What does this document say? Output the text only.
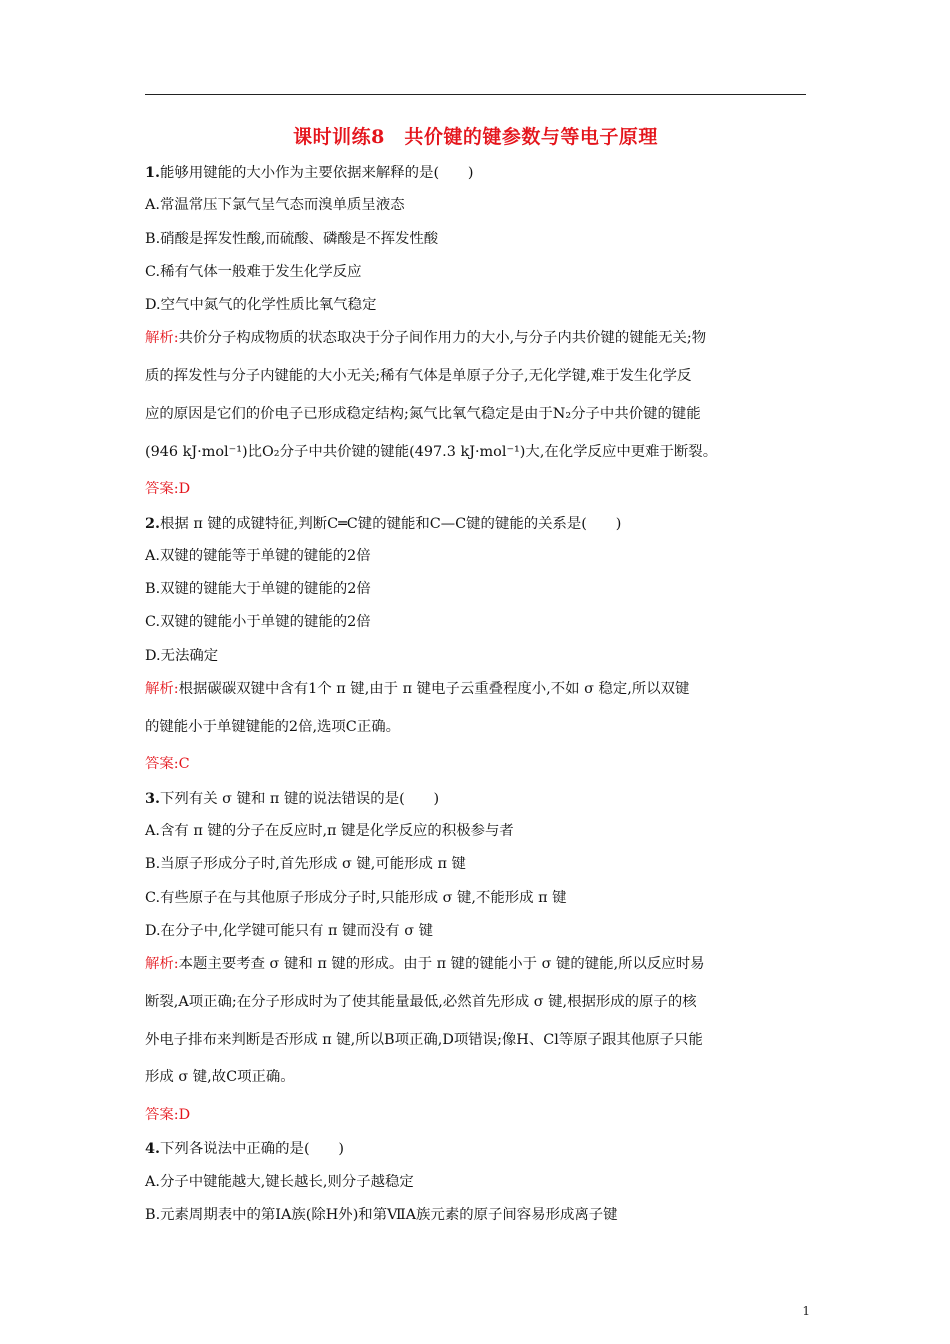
课时训练8　共价键的键参数与等电子原理
1.能够用键能的大小作为主要依据来解释的是(　　)
A.常温常压下氯气呈气态而溴单质呈液态
B.硝酸是挥发性酸,而硫酸、磷酸是不挥发性酸
C.稀有气体一般难于发生化学反应
D.空气中氮气的化学性质比氧气稳定
解析:共价分子构成物质的状态取决于分子间作用力的大小,与分子内共价键的键能无关;物
质的挥发性与分子内键能的大小无关;稀有气体是单原子分子,无化学键,难于发生化学反
应的原因是它们的价电子已形成稳定结构;氮气比氧气稳定是由于N₂分子中共价键的键能
(946 kJ·mol⁻¹)比O₂分子中共价键的键能(497.3 kJ·mol⁻¹)大,在化学反应中更难于断裂。
答案:D
2.根据 π 键的成键特征,判断C═C键的键能和C—C键的键能的关系是(　　)
A.双键的键能等于单键的键能的2倍
B.双键的键能大于单键的键能的2倍
C.双键的键能小于单键的键能的2倍
D.无法确定
解析:根据碳碳双键中含有1个 π 键,由于 π 键电子云重叠程度小,不如 σ 稳定,所以双键
的键能小于单键键能的2倍,选项C正确。
答案:C
3.下列有关 σ 键和 π 键的说法错误的是(　　)
A.含有 π 键的分子在反应时,π 键是化学反应的积极参与者
B.当原子形成分子时,首先形成 σ 键,可能形成 π 键
C.有些原子在与其他原子形成分子时,只能形成 σ 键,不能形成 π 键
D.在分子中,化学键可能只有 π 键而没有 σ 键
解析:本题主要考查 σ 键和 π 键的形成。由于 π 键的键能小于 σ 键的键能,所以反应时易
断裂,A项正确;在分子形成时为了使其能量最低,必然首先形成 σ 键,根据形成的原子的核
外电子排布来判断是否形成 π 键,所以B项正确,D项错误;像H、Cl等原子跟其他原子只能
形成 σ 键,故C项正确。
答案:D
4.下列各说法中正确的是(　　)
A.分子中键能越大,键长越长,则分子越稳定
B.元素周期表中的第ⅠA族(除H外)和第ⅦA族元素的原子间容易形成离子键
1
